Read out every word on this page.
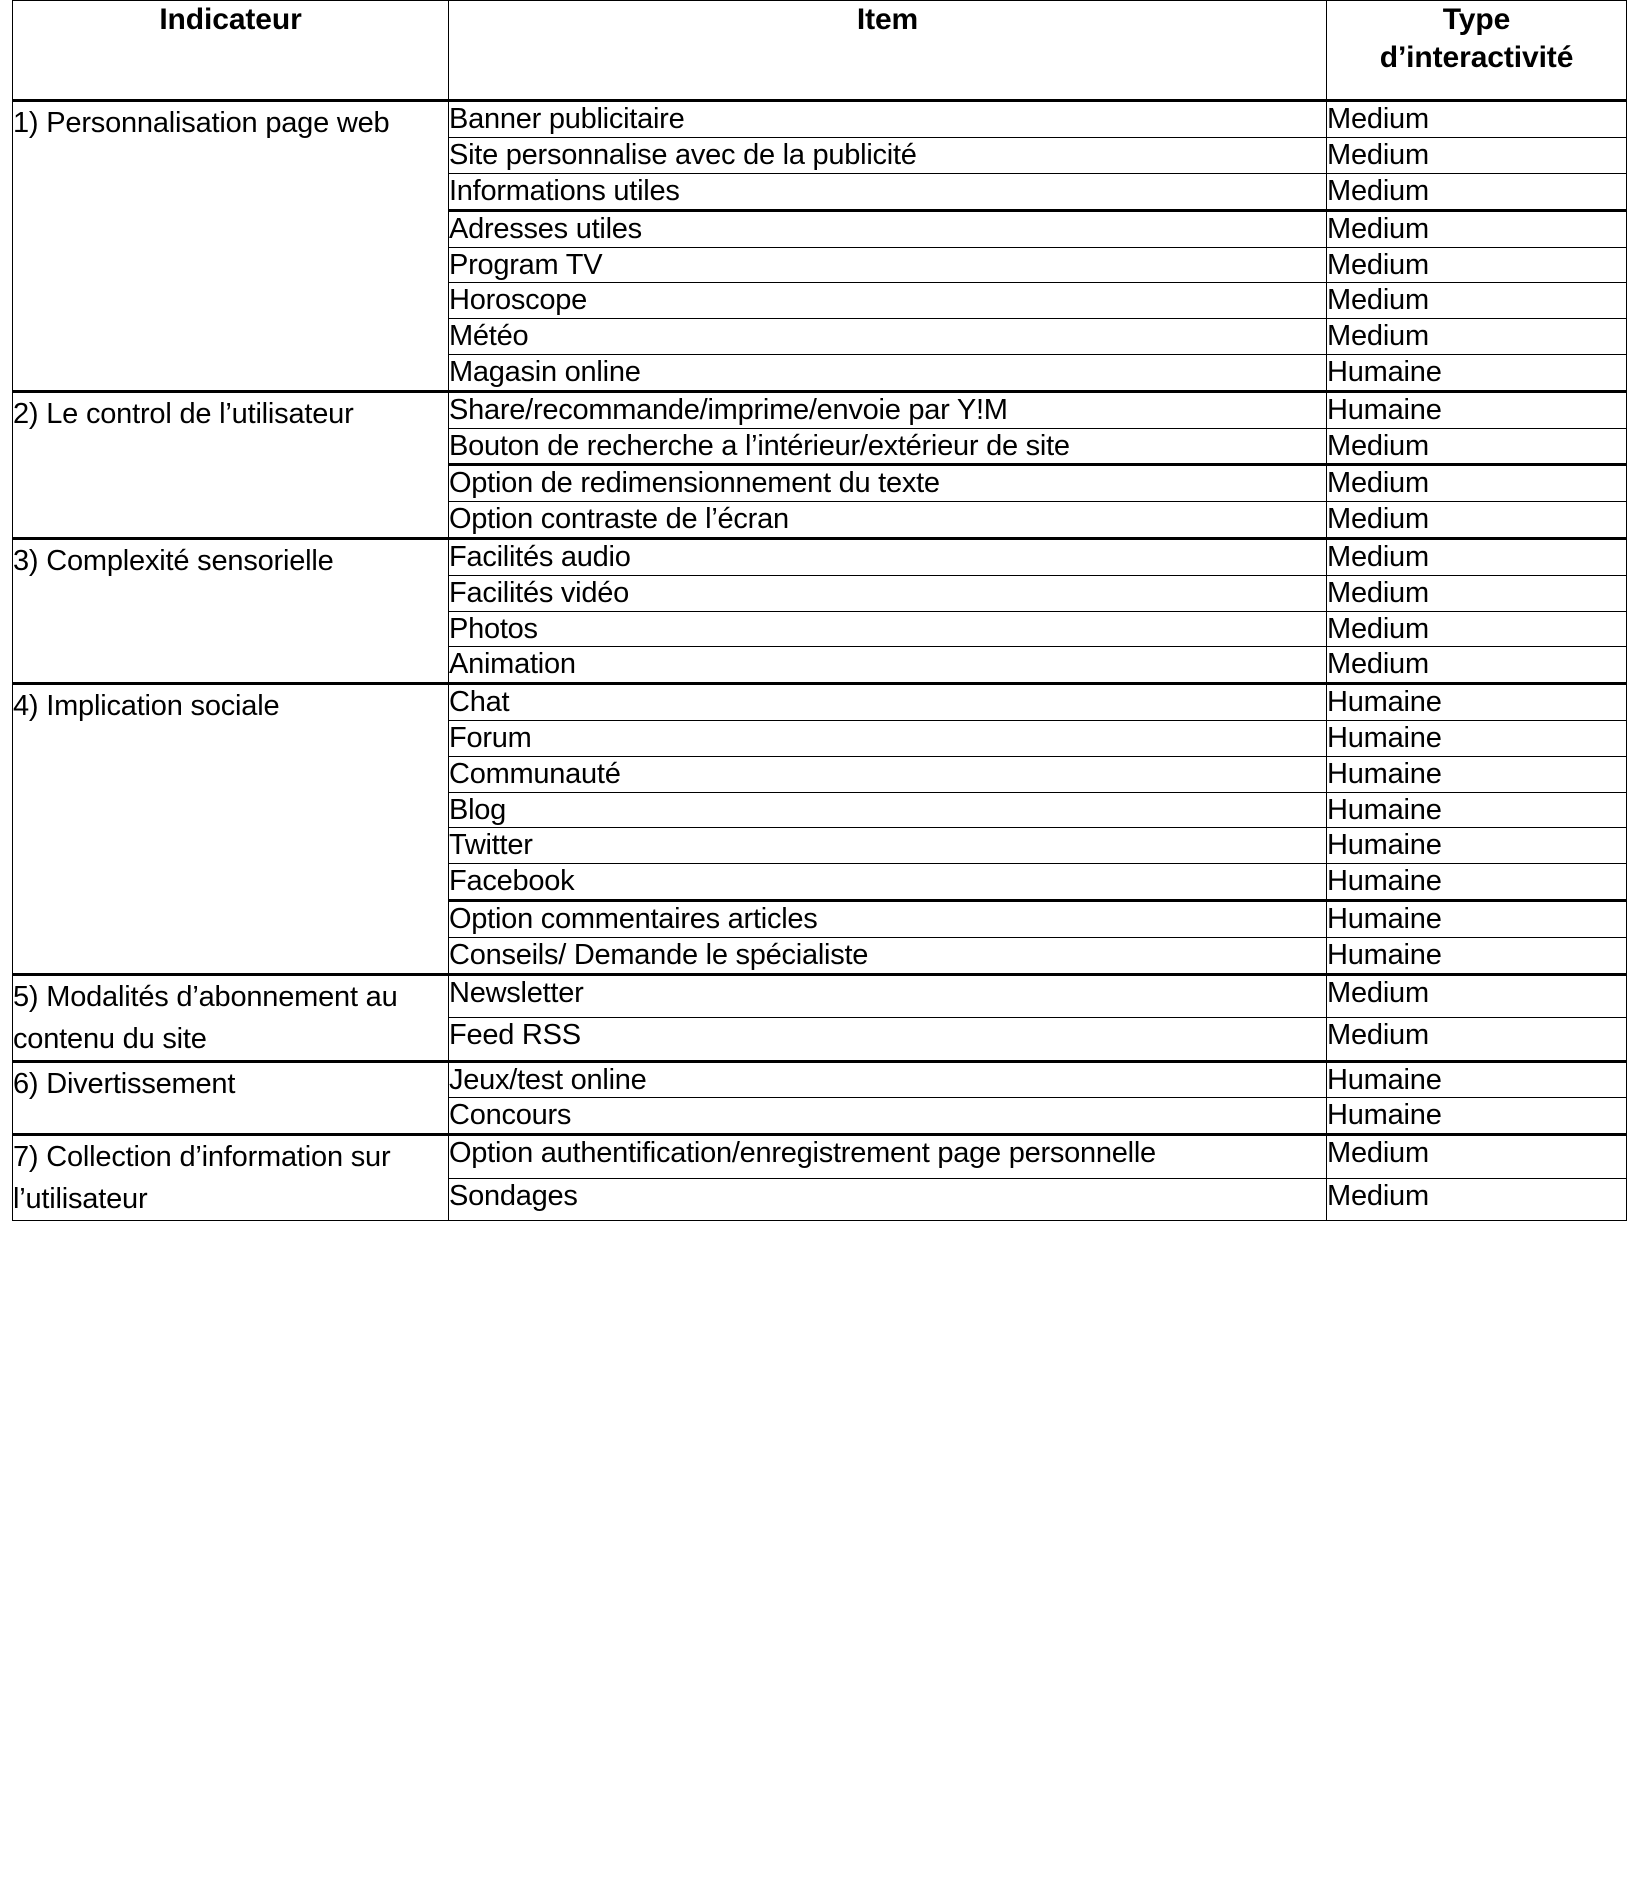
Indicateur	Item	Type
d’interactivité
1) Personnalisation page web	Banner publicitaire	Medium
	Site personnalise avec de la publicité	Medium
	Informations utiles	Medium
	Adresses utiles	Medium
	Program TV	Medium
	Horoscope	Medium
	Météo	Medium
	Magasin online	Humaine
2) Le control de l’utilisateur	Share/recommande/imprime/envoie par Y!M	Humaine
	Bouton de recherche a l’intérieur/extérieur de site	Medium
	Option de redimensionnement du texte	Medium
	Option contraste de l’écran	Medium
3) Complexité sensorielle	Facilités audio	Medium
	Facilités vidéo	Medium
	Photos	Medium
	Animation	Medium
4) Implication sociale	Chat	Humaine
	Forum	Humaine
	Communauté	Humaine
	Blog	Humaine
	Twitter	Humaine
	Facebook	Humaine
	Option commentaires articles	Humaine
	Conseils/ Demande le spécialiste	Humaine
5) Modalités d’abonnement au contenu du site	Newsletter	Medium
	Feed RSS	Medium
6) Divertissement	Jeux/test online	Humaine
	Concours	Humaine
7) Collection d’information sur l’utilisateur	Option authentification/enregistrement page personnelle	Medium
	Sondages	Medium
